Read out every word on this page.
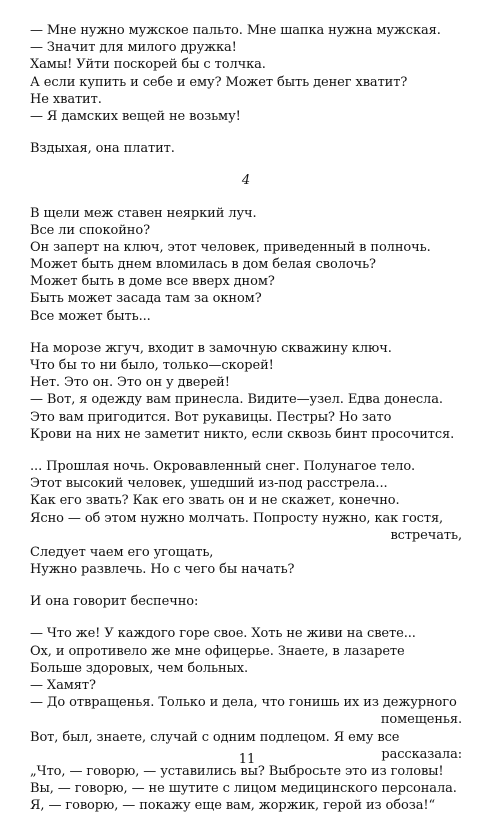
— Мне нужно мужское пальто. Мне шапка нужна мужская.
— Значит для милого дружка!
Хамы! Уйти поскорей бы с толчка.
А если купить и себе и ему? Может быть денег хватит?
Не хватит.
— Я дамских вещей не возьму!
Вздыхая, она платит.
4
В щели меж ставен неяркий луч.
Все ли спокойно?
Он заперт на ключ, этот человек, приведенный в полночь.
Может быть днем вломилась в дом белая сволочь?
Может быть в доме все вверх дном?
Быть может засада там за окном?
Все может быть...
На морозе жгуч, входит в замочную скважину ключ.
Что бы то ни было, только—скорей!
Нет. Это он. Это он у дверей!
— Вот, я одежду вам принесла. Видите—узел. Едва донесла.
Это вам пригодится. Вот рукавицы. Пестры? Но зато
Крови на них не заметит никто, если сквозь бинт просочится.
... Прошлая ночь. Окровавленный снег. Полунагое тело.
Этот высокий человек, ушедший из-под расстрела...
Как его звать? Как его звать он и не скажет, конечно.
Ясно — об этом нужно молчать. Попросту нужно, как гостя,
встречать,
Следует чаем его угощать,
Нужно развлечь. Но с чего бы начать?
И она говорит беспечно:
— Что же! У каждого горе свое. Хоть не живи на свете...
Ох, и опротивело же мне офицерье. Знаете, в лазарете
Больше здоровых, чем больных.
— Хамят?
— До отвращенья. Только и дела, что гонишь их из дежурного
помещенья.
Вот, был, знаете, случай с одним подлецом. Я ему все
рассказала:
„Что, — говорю, — уставились вы? Выбросьте это из головы!
Вы, — говорю, — не шутите с лицом медицинского персонала.
Я, — говорю, — покажу еще вам, жоржик, герой из обоза!“
11
